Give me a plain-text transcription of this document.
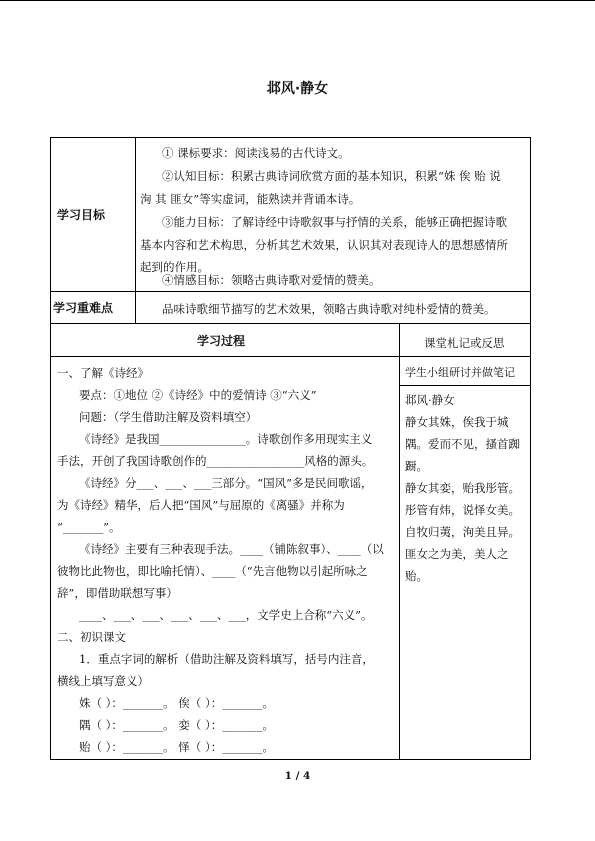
邶风·静女
学习目标
① 课标要求：阅读浅易的古代诗文。
②认知目标：积累古典诗词欣赏方面的基本知识，积累“姝 俟 贻 说
洵 其 匪女”等实虚词，能熟读并背诵本诗。
③能力目标：了解诗经中诗歌叙事与抒情的关系，能够正确把握诗歌
基本内容和艺术构思，分析其艺术效果，认识其对表现诗人的思想感情所
起到的作用。
④情感目标：领略古典诗歌对爱情的赞美。
学习重难点	品味诗歌细节描写的艺术效果，领略古典诗歌对纯朴爱情的赞美。
学习过程	课堂札记或反思
学生小组研讨并做笔记
一、了解《诗经》
要点：①地位 ②《诗经》中的爱情诗 ③“六义”
问题：（学生借助注解及资料填空）
《诗经》是我国_______________。诗歌创作多用现实主义
手法，开创了我国诗歌创作的_________________风格的源头。
《诗经》分___、___、___三部分。“国风”多是民间歌谣，
为《诗经》精华，后人把“国风”与屈原的《离骚》并称为
“_______”。
《诗经》主要有三种表现手法。____（铺陈叙事）、____（以
彼物比此物也，即比喻托情）、____（“先言他物以引起所咏之
辞”，即借助联想写事）
____、___、___、___、___、___，文学史上合称“六义”。
二、初识课文
1．重点字词的解析（借助注解及资料填写，括号内注音，
横线上填写意义）
姝（ ）：_______。 俟（ ）：_______。
隅（ ）：_______。 娈（ ）：_______。
贻（ ）：_______。 怿（ ）：_______。
邶风·静女
静女其姝，俟我于城
隅。爱而不见，搔首踟
蹰。
静女其娈，贻我彤管。
彤管有炜，说怿女美。
自牧归荑，洵美且异。
匪女之为美，美人之
贻。
1 / 4
